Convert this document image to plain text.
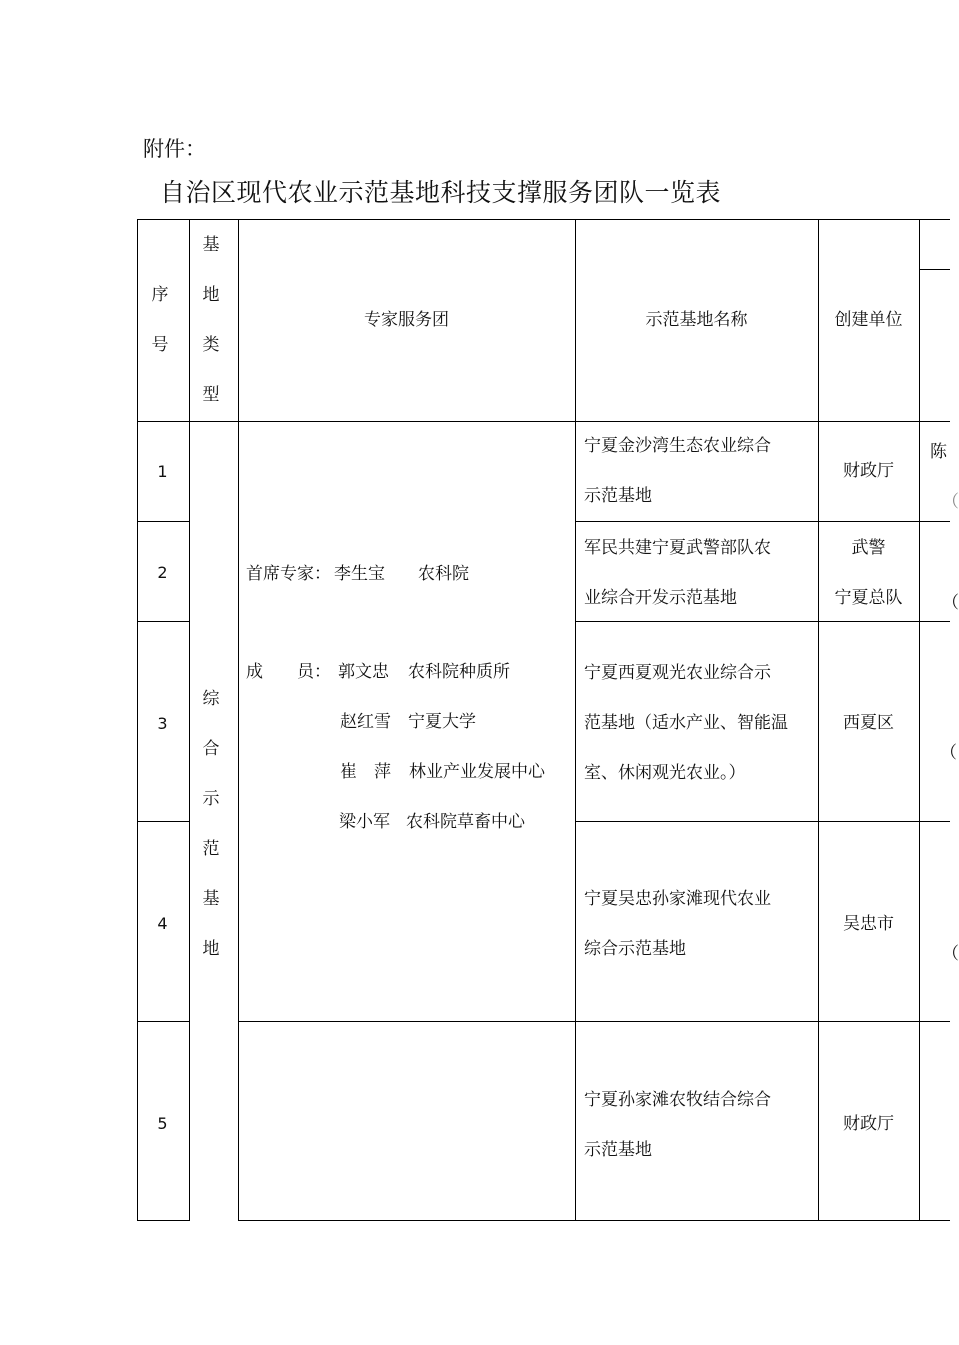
附件：
自治区现代农业示范基地科技支撑服务团队一览表
序
号
基
地
类
型
专家服务团	示范基地名称	创建单位
1
2
3
4
5
综
合
示
范
基
地
首席专家： 李生宝 农科院
成　　员： 郭文忠 农科院种质所
赵红雪 宁夏大学
崔　萍 林业产业发展中心
梁小军 农科院草畜中心
宁夏金沙湾生态农业综合
示范基地
军民共建宁夏武警部队农
业综合开发示范基地
宁夏西夏观光农业综合示
范基地（适水产业、智能温
室、休闲观光农业。）
宁夏吴忠孙家滩现代农业
综合示范基地
宁夏孙家滩农牧结合综合
示范基地
财政厅
武警
宁夏总队
西夏区
吴忠市
财政厅
陈
（
（
（
（
